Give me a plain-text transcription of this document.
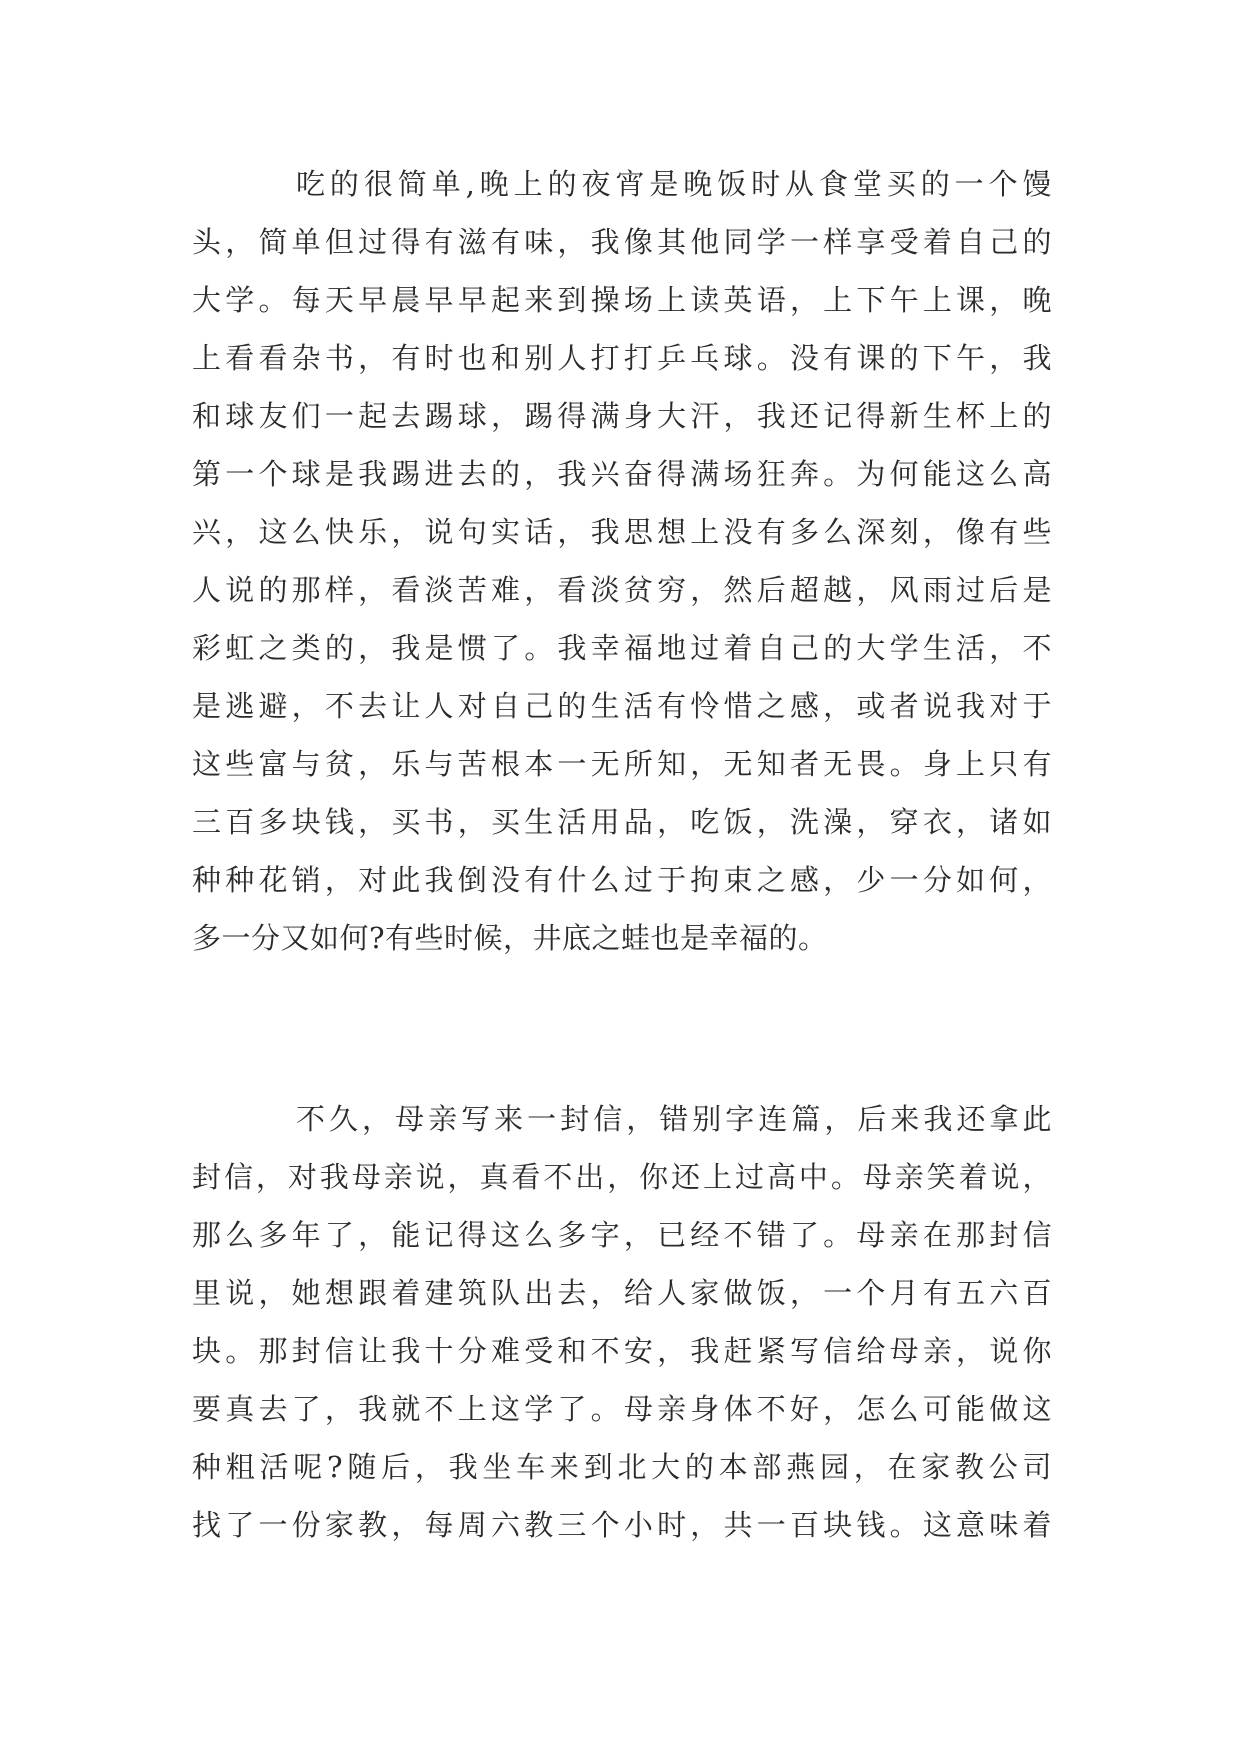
吃的很简单,晚上的夜宵是晚饭时从食堂买的一个馒
头，简单但过得有滋有味，我像其他同学一样享受着自己的
大学。每天早晨早早起来到操场上读英语，上下午上课，晚
上看看杂书，有时也和别人打打乒乓球。没有课的下午，我
和球友们一起去踢球，踢得满身大汗，我还记得新生杯上的
第一个球是我踢进去的，我兴奋得满场狂奔。为何能这么高
兴，这么快乐，说句实话，我思想上没有多么深刻，像有些
人说的那样，看淡苦难，看淡贫穷，然后超越，风雨过后是
彩虹之类的，我是惯了。我幸福地过着自己的大学生活，不
是逃避，不去让人对自己的生活有怜惜之感，或者说我对于
这些富与贫，乐与苦根本一无所知，无知者无畏。身上只有
三百多块钱，买书，买生活用品，吃饭，洗澡，穿衣，诸如
种种花销，对此我倒没有什么过于拘束之感，少一分如何，
多一分又如何?有些时候，井底之蛙也是幸福的。
不久，母亲写来一封信，错别字连篇，后来我还拿此
封信，对我母亲说，真看不出，你还上过高中。母亲笑着说，
那么多年了，能记得这么多字，已经不错了。母亲在那封信
里说，她想跟着建筑队出去，给人家做饭，一个月有五六百
块。那封信让我十分难受和不安，我赶紧写信给母亲，说你
要真去了，我就不上这学了。母亲身体不好，怎么可能做这
种粗活呢?随后，我坐车来到北大的本部燕园，在家教公司
找了一份家教，每周六教三个小时，共一百块钱。这意味着
